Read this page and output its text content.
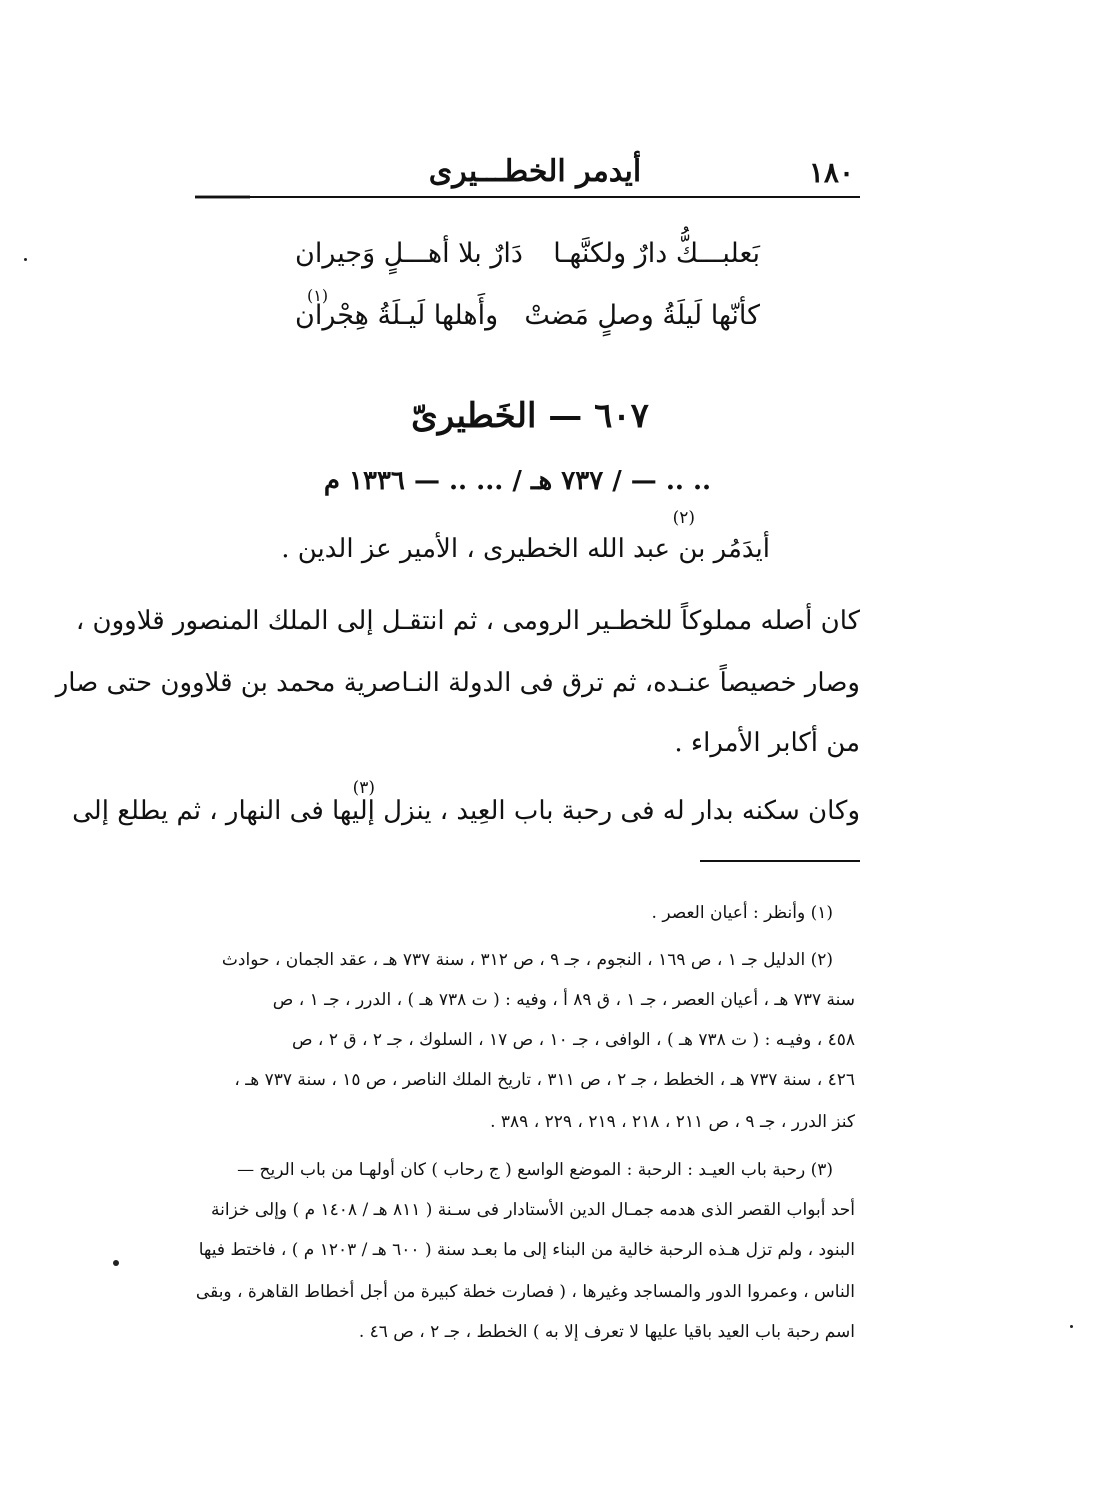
١٨٠
أيدمر الخطـــيرى
بَعلبـــكُّ دارٌ ولكنَّهـا
دَارٌ بلا أهـــلٍ وَجيران
كأنّها لَيلَةُ وصلٍ مَضتْ
وأَهلها لَيـلَةُ هِجْران
(١)
٦٠٧ — الخَطيرىّ
.. .. — / ٧٣٧ هـ / ... .. — ١٣٣٦ م
(٢)
أيدَمُر بن عبد الله الخطيرى ، الأمير عز الدين .
كان أصله مملوكاً للخطـير الرومى ، ثم انتقـل إلى الملك المنصور قلاوون ،
وصار خصيصاً عنـده، ثم ترق فى الدولة النـاصرية محمد بن قلاوون حتى صار
من أكابر الأمراء .
(٣)
وكان سكنه بدار له فى رحبة باب العِيد ، ينزل إليها فى النهار ، ثم يطلع إلى
(١) وأنظر : أعيان العصر .
(٢) الدليل جـ ١ ، ص ١٦٩ ، النجوم ، جـ ٩ ، ص ٣١٢ ، سنة ٧٣٧ هـ ، عقد الجمان ، حوادث
سنة ٧٣٧ هـ ، أعيان العصر ، جـ ١ ، ق ٨٩ أ ، وفيه : ( ت ٧٣٨ هـ ) ، الدرر ، جـ ١ ، ص
٤٥٨ ، وفيـه : ( ت ٧٣٨ هـ ) ، الوافى ، جـ ١٠ ، ص ١٧ ، السلوك ، جـ ٢ ، ق ٢ ، ص
٤٢٦ ، سنة ٧٣٧ هـ ، الخطط ، جـ ٢ ، ص ٣١١ ، تاريخ الملك الناصر ، ص ١٥ ، سنة ٧٣٧ هـ ،
كنز الدرر ، جـ ٩ ، ص ٢١١ ، ٢١٨ ، ٢١٩ ، ٢٢٩ ، ٣٨٩ .
(٣) رحبة باب العيـد : الرحبة : الموضع الواسع ( ج رحاب ) كان أولهـا من باب الريح —
أحد أبواب القصر الذى هدمه جمـال الدين الأستادار فى سـنة ( ٨١١ هـ / ١٤٠٨ م ) وإلى خزانة
البنود ، ولم تزل هـذه الرحبة خالية من البناء إلى ما بعـد سنة ( ٦٠٠ هـ / ١٢٠٣ م ) ، فاختط فيها
الناس ، وعمروا الدور والمساجد وغيرها ، ( فصارت خطة كبيرة من أجل أخطاط القاهرة ، وبقى
اسم رحبة باب العيد باقيا عليها لا تعرف إلا به ) الخطط ، جـ ٢ ، ص ٤٦ .
